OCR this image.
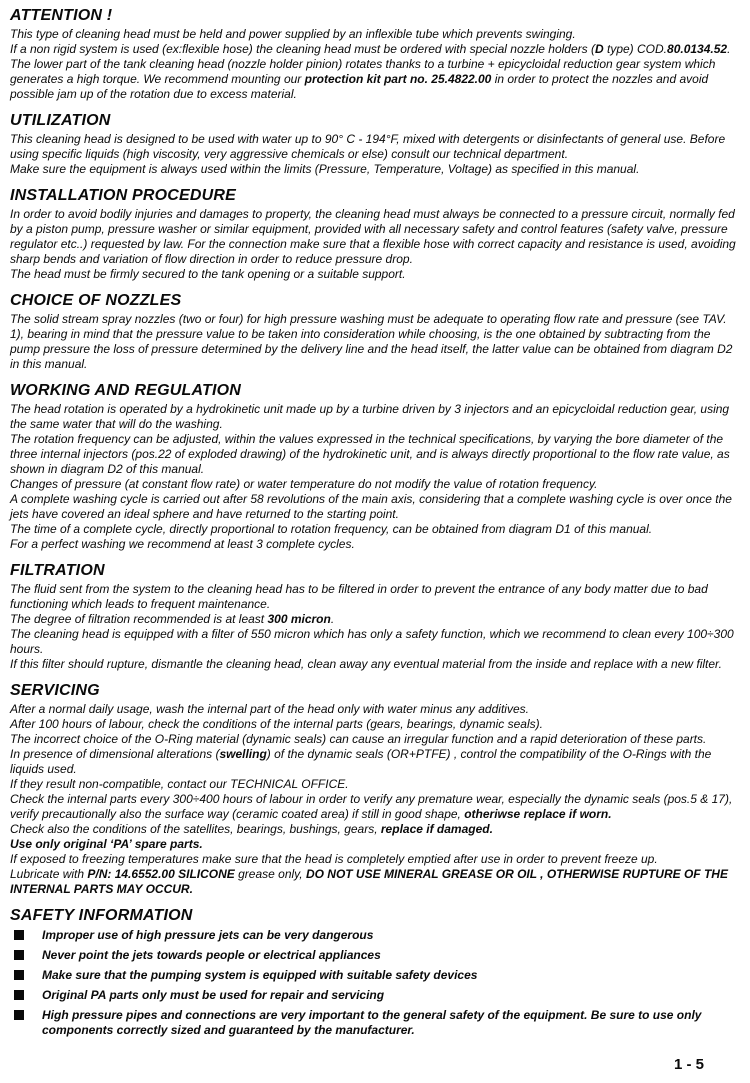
ATTENTION !

This type of cleaning head must be held and power supplied by an inflexible tube which prevents swinging.

If a non rigid system is used (ex:flexible hose) the cleaning head must be ordered with special nozzle holders (D type) COD.80.0134.52.

The lower part of the tank cleaning head (nozzle holder pinion) rotates thanks to a turbine + epicycloidal reduction gear system which generates a high torque. We recommend mounting our protection kit part no. 25.4822.00 in order to protect the nozzles and avoid possible jam up of the rotation due to excess material.

UTILIZATION

This cleaning head is designed to be used with water up to 90° C - 194°F, mixed with detergents or disinfectants of general use. Before using specific liquids (high viscosity, very aggressive chemicals or else) consult our technical department.

Make sure the equipment is always used within the limits (Pressure, Temperature, Voltage) as specified in this manual.

INSTALLATION PROCEDURE

In order to avoid bodily injuries and damages to property, the cleaning head must always be connected to a pressure circuit, normally fed by a piston pump, pressure washer or similar equipment, provided with all necessary safety and control features (safety valve, pressure regulator etc..) requested by law. For the connection make sure that a flexible hose with correct capacity and resistance is used, avoiding sharp bends and variation of flow direction in order to reduce pressure drop.

The head must be firmly secured to the tank opening or a suitable support.

CHOICE OF NOZZLES

The solid stream spray nozzles (two or four) for high pressure washing must be adequate to operating flow rate and pressure (see TAV. 1), bearing in mind that the pressure value to be taken into consideration while choosing, is the one obtained by subtracting from the pump pressure the loss of pressure determined by the delivery line and the head itself, the latter value can be obtained from diagram D2 in this manual.

WORKING AND REGULATION

The head rotation is operated by a hydrokinetic unit made up by a turbine driven by 3 injectors and an epicycloidal reduction gear, using the same water that will do the washing.

The rotation frequency can be adjusted, within the values expressed in the technical specifications, by varying the bore diameter of the three internal injectors (pos.22 of exploded drawing) of the hydrokinetic unit, and is always directly proportional to the flow rate value, as shown in diagram D2 of this manual.

Changes of pressure (at constant flow rate) or water temperature do not modify the value of rotation frequency.

A complete washing cycle is carried out after 58 revolutions of the main axis, considering that a complete washing cycle is over once the jets have covered an ideal sphere and have returned to the starting point.

The time of a complete cycle, directly proportional to rotation frequency, can be obtained from diagram D1 of this manual.

For a perfect washing we recommend at least 3 complete cycles.

FILTRATION

The fluid sent from the system to the cleaning head has to be filtered in order to prevent the entrance of any body matter due to bad functioning which leads to frequent maintenance.

The degree of filtration recommended is at least 300 micron.

The cleaning head is equipped with a filter of 550 micron which has only a safety function, which we recommend to clean every 100÷300 hours.

If this filter should rupture, dismantle the cleaning head, clean away any eventual material from the inside and replace with a new filter.

SERVICING

After a normal daily usage, wash the internal part of the head only with water minus any additives.

After 100 hours of labour, check the conditions of the internal parts (gears, bearings, dynamic seals).

The incorrect choice of the O-Ring material (dynamic seals) can cause an irregular function and a rapid deterioration of these parts.

In presence of dimensional alterations (swelling) of the dynamic seals (OR+PTFE) , control the compatibility of the O-Rings with the liquids used.

If they result non-compatible, contact our TECHNICAL OFFICE.

Check the internal parts every 300÷400 hours of labour in order to verify any premature wear, especially the dynamic seals (pos.5 & 17), verify precautionally also the surface way (ceramic coated area) if still in good shape, otheriwse replace if worn.

Check also the conditions of the satellites, bearings, bushings, gears, replace if damaged.

Use only original ‘PA’ spare parts.

If exposed to freezing temperatures make sure that the head is completely emptied after use in order to prevent freeze up.

Lubricate with P/N: 14.6552.00 SILICONE grease only, DO NOT USE MINERAL GREASE OR OIL , OTHERWISE RUPTURE OF THE INTERNAL PARTS MAY OCCUR.

SAFETY INFORMATION
Improper use of high pressure jets can be very dangerous
Never point the jets towards people or electrical appliances
Make sure that the pumping system is equipped with suitable safety devices
Original PA parts only must be used for repair and servicing
High pressure pipes and connections are very important to the general safety of the equipment. Be sure to use only components correctly sized and guaranteed by the manufacturer.
1 - 5
